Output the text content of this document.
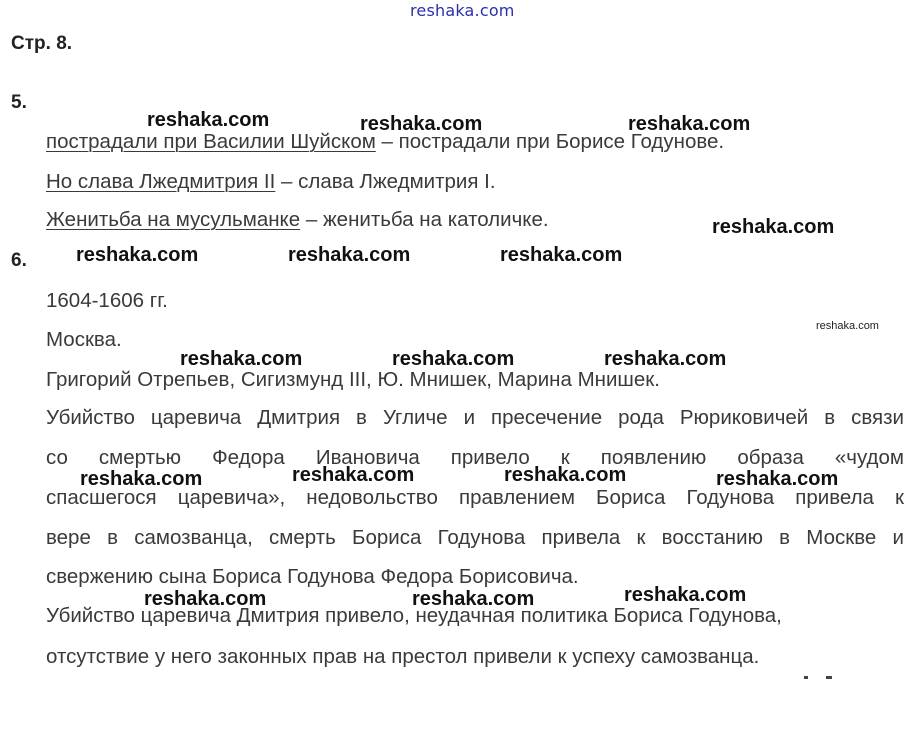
reshaka.com
Стр. 8.
5.
пострадали при Василии Шуйском – пострадали при Борисе Годунове.
Но слава Лжедмитрия II – слава Лжедмитрия I.
Женитьба на мусульманке – женитьба на католичке.
6.
1604-1606 гг.
Москва.
Григорий Отрепьев, Сигизмунд III, Ю. Мнишек, Марина Мнишек.
Убийство царевича Дмитрия в Угличе и пресечение рода Рюриковичей в связи
со смертью Федора Ивановича привело к появлению образа «чудом
спасшегося царевича», недовольство правлением Бориса Годунова привела к
вере в самозванца, смерть Бориса Годунова привела к восстанию в Москве и
свержению сына Бориса Годунова Федора Борисовича.
Убийство царевича Дмитрия привело, неудачная политика Бориса Годунова,
отсутствие у него законных прав на престол привели к успеху самозванца.
reshaka.com	reshaka.com	reshaka.com
reshaka.com
reshaka.com	reshaka.com	reshaka.com
reshaka.com
reshaka.com	reshaka.com	reshaka.com
reshaka.com	reshaka.com	reshaka.com	reshaka.com
reshaka.com	reshaka.com	reshaka.com
